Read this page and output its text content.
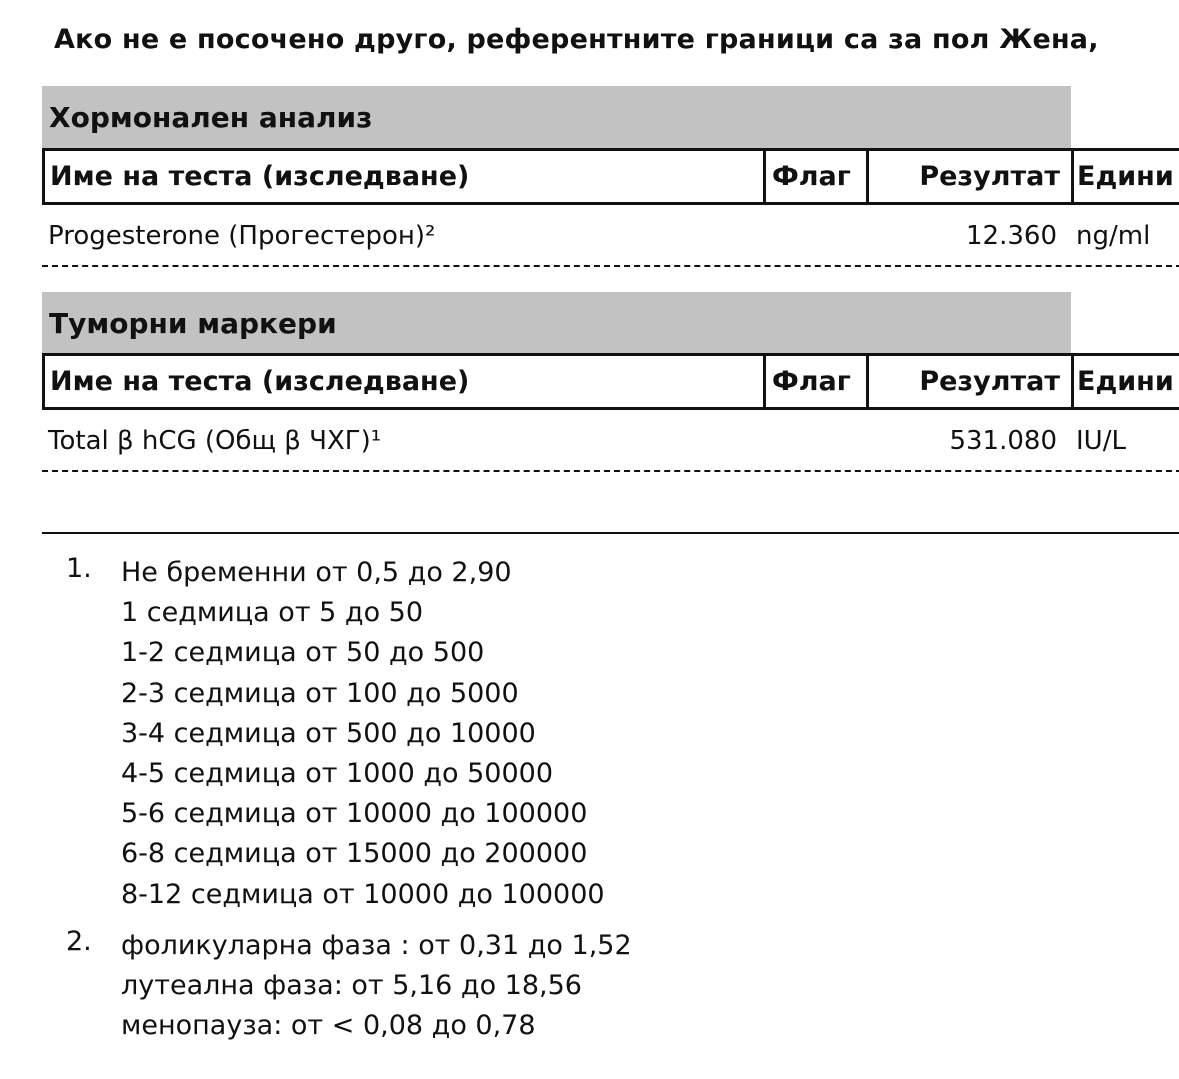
Ако не е посочено друго, референтните граници са за пол Жена,
Хормонален анализ
Име на теста (изследване)	Флаг	Резултат Едини
Progesterone (Прогестерон)²	12.360 ng/ml
Туморни маркери
Име на теста (изследване)	Флаг	Резултат Едини
Total β hCG (Общ β ЧХГ)¹	531.080 IU/L
1. Не бременни от 0,5 до 2,90
1 седмица от 5 до 50
1-2 седмица от 50 до 500
2-3 седмица от 100 до 5000
3-4 седмица от 500 до 10000
4-5 седмица от 1000 до 50000
5-6 седмица от 10000 до 100000
6-8 седмица от 15000 до 200000
8-12 седмица от 10000 до 100000
2. фоликуларна фаза : от 0,31 до 1,52
лутеална фаза: от 5,16 до 18,56
менопауза: от < 0,08 до 0,78
